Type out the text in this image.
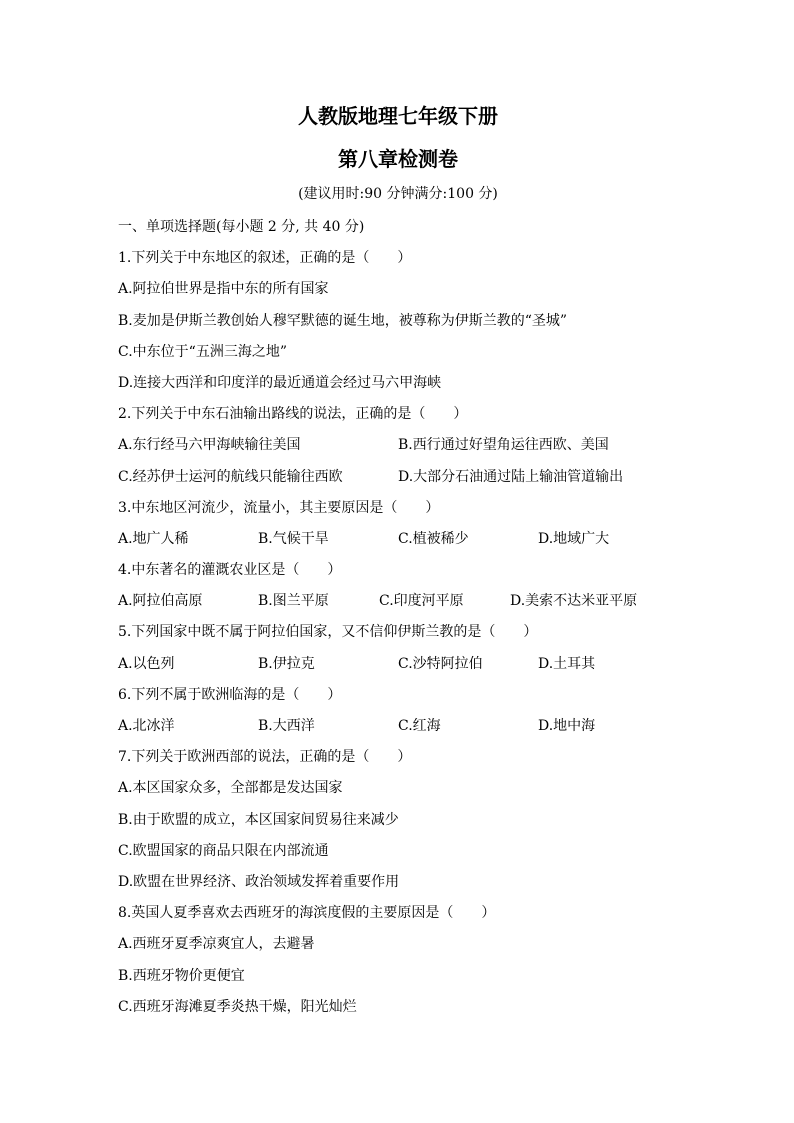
人教版地理七年级下册
第八章检测卷
(建议用时:90 分钟满分:100 分)
一、单项选择题(每小题 2 分, 共 40 分)
1.下列关于中东地区的叙述，正确的是（　　）
A.阿拉伯世界是指中东的所有国家
B.麦加是伊斯兰教创始人穆罕默德的诞生地，被尊称为伊斯兰教的“圣城”
C.中东位于“五洲三海之地”
D.连接大西洋和印度洋的最近通道会经过马六甲海峡
2.下列关于中东石油输出路线的说法，正确的是（　　）
A.东行经马六甲海峡输往美国	B.西行通过好望角运往西欧、美国
C.经苏伊士运河的航线只能输往西欧	D.大部分石油通过陆上输油管道输出
3.中东地区河流少，流量小，其主要原因是（　　）
A.地广人稀	B.气候干旱	C.植被稀少	D.地域广大
4.中东著名的灌溉农业区是（　　）
A.阿拉伯高原	B.图兰平原	C.印度河平原	D.美索不达米亚平原
5.下列国家中既不属于阿拉伯国家，又不信仰伊斯兰教的是（　　）
A.以色列	B.伊拉克	C.沙特阿拉伯	D.土耳其
6.下列不属于欧洲临海的是（　　）
A.北冰洋	B.大西洋	C.红海	D.地中海
7.下列关于欧洲西部的说法，正确的是（　　）
A.本区国家众多，全部都是发达国家
B.由于欧盟的成立，本区国家间贸易往来减少
C.欧盟国家的商品只限在内部流通
D.欧盟在世界经济、政治领域发挥着重要作用
8.英国人夏季喜欢去西班牙的海滨度假的主要原因是（　　）
A.西班牙夏季凉爽宜人，去避暑
B.西班牙物价更便宜
C.西班牙海滩夏季炎热干燥，阳光灿烂
